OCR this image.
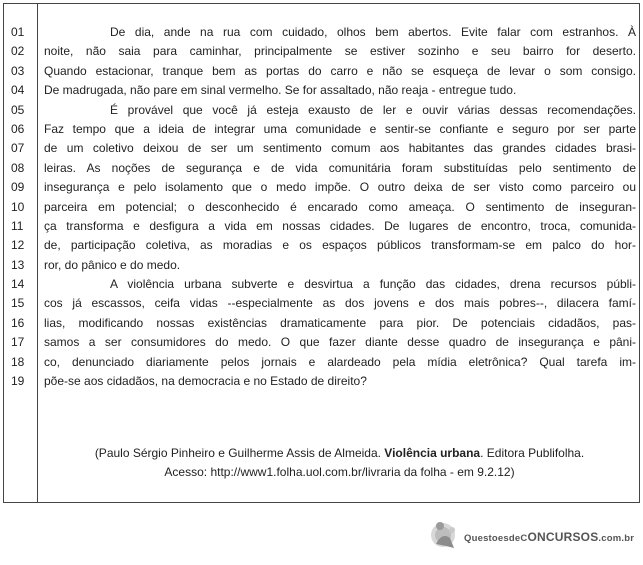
01
02
03
04
05
06
07
08
09
10
11
12
13
14
15
16
17
18
19
De dia, ande na rua com cuidado, olhos bem abertos. Evite falar com estranhos. À
noite, não saia para caminhar, principalmente se estiver sozinho e seu bairro for deserto.
Quando estacionar, tranque bem as portas do carro e não se esqueça de levar o som consigo.
De madrugada, não pare em sinal vermelho. Se for assaltado, não reaja - entregue tudo.
É provável que você já esteja exausto de ler e ouvir várias dessas recomendações.
Faz tempo que a ideia de integrar uma comunidade e sentir-se confiante e seguro por ser parte
de um coletivo deixou de ser um sentimento comum aos habitantes das grandes cidades brasi-
leiras. As noções de segurança e de vida comunitária foram substituídas pelo sentimento de
insegurança e pelo isolamento que o medo impõe. O outro deixa de ser visto como parceiro ou
parceira em potencial; o desconhecido é encarado como ameaça. O sentimento de inseguran-
ça transforma e desfigura a vida em nossas cidades. De lugares de encontro, troca, comunida-
de, participação coletiva, as moradias e os espaços públicos transformam-se em palco do hor-
ror, do pânico e do medo.
A violência urbana subverte e desvirtua a função das cidades, drena recursos públi-
cos já escassos, ceifa vidas --especialmente as dos jovens e dos mais pobres--, dilacera famí-
lias, modificando nossas existências dramaticamente para pior. De potenciais cidadãos, pas-
samos a ser consumidores do medo. O que fazer diante desse quadro de insegurança e pâni-
co, denunciado diariamente pelos jornais e alardeado pela mídia eletrônica? Qual tarefa im-
põe-se aos cidadãos, na democracia e no Estado de direito?
(Paulo Sérgio Pinheiro e Guilherme Assis de Almeida. Violência urbana. Editora Publifolha.
Acesso: http://www1.folha.uol.com.br/livraria da folha - em 9.2.12)
QuestoesdeCONCURSOS.com.br
